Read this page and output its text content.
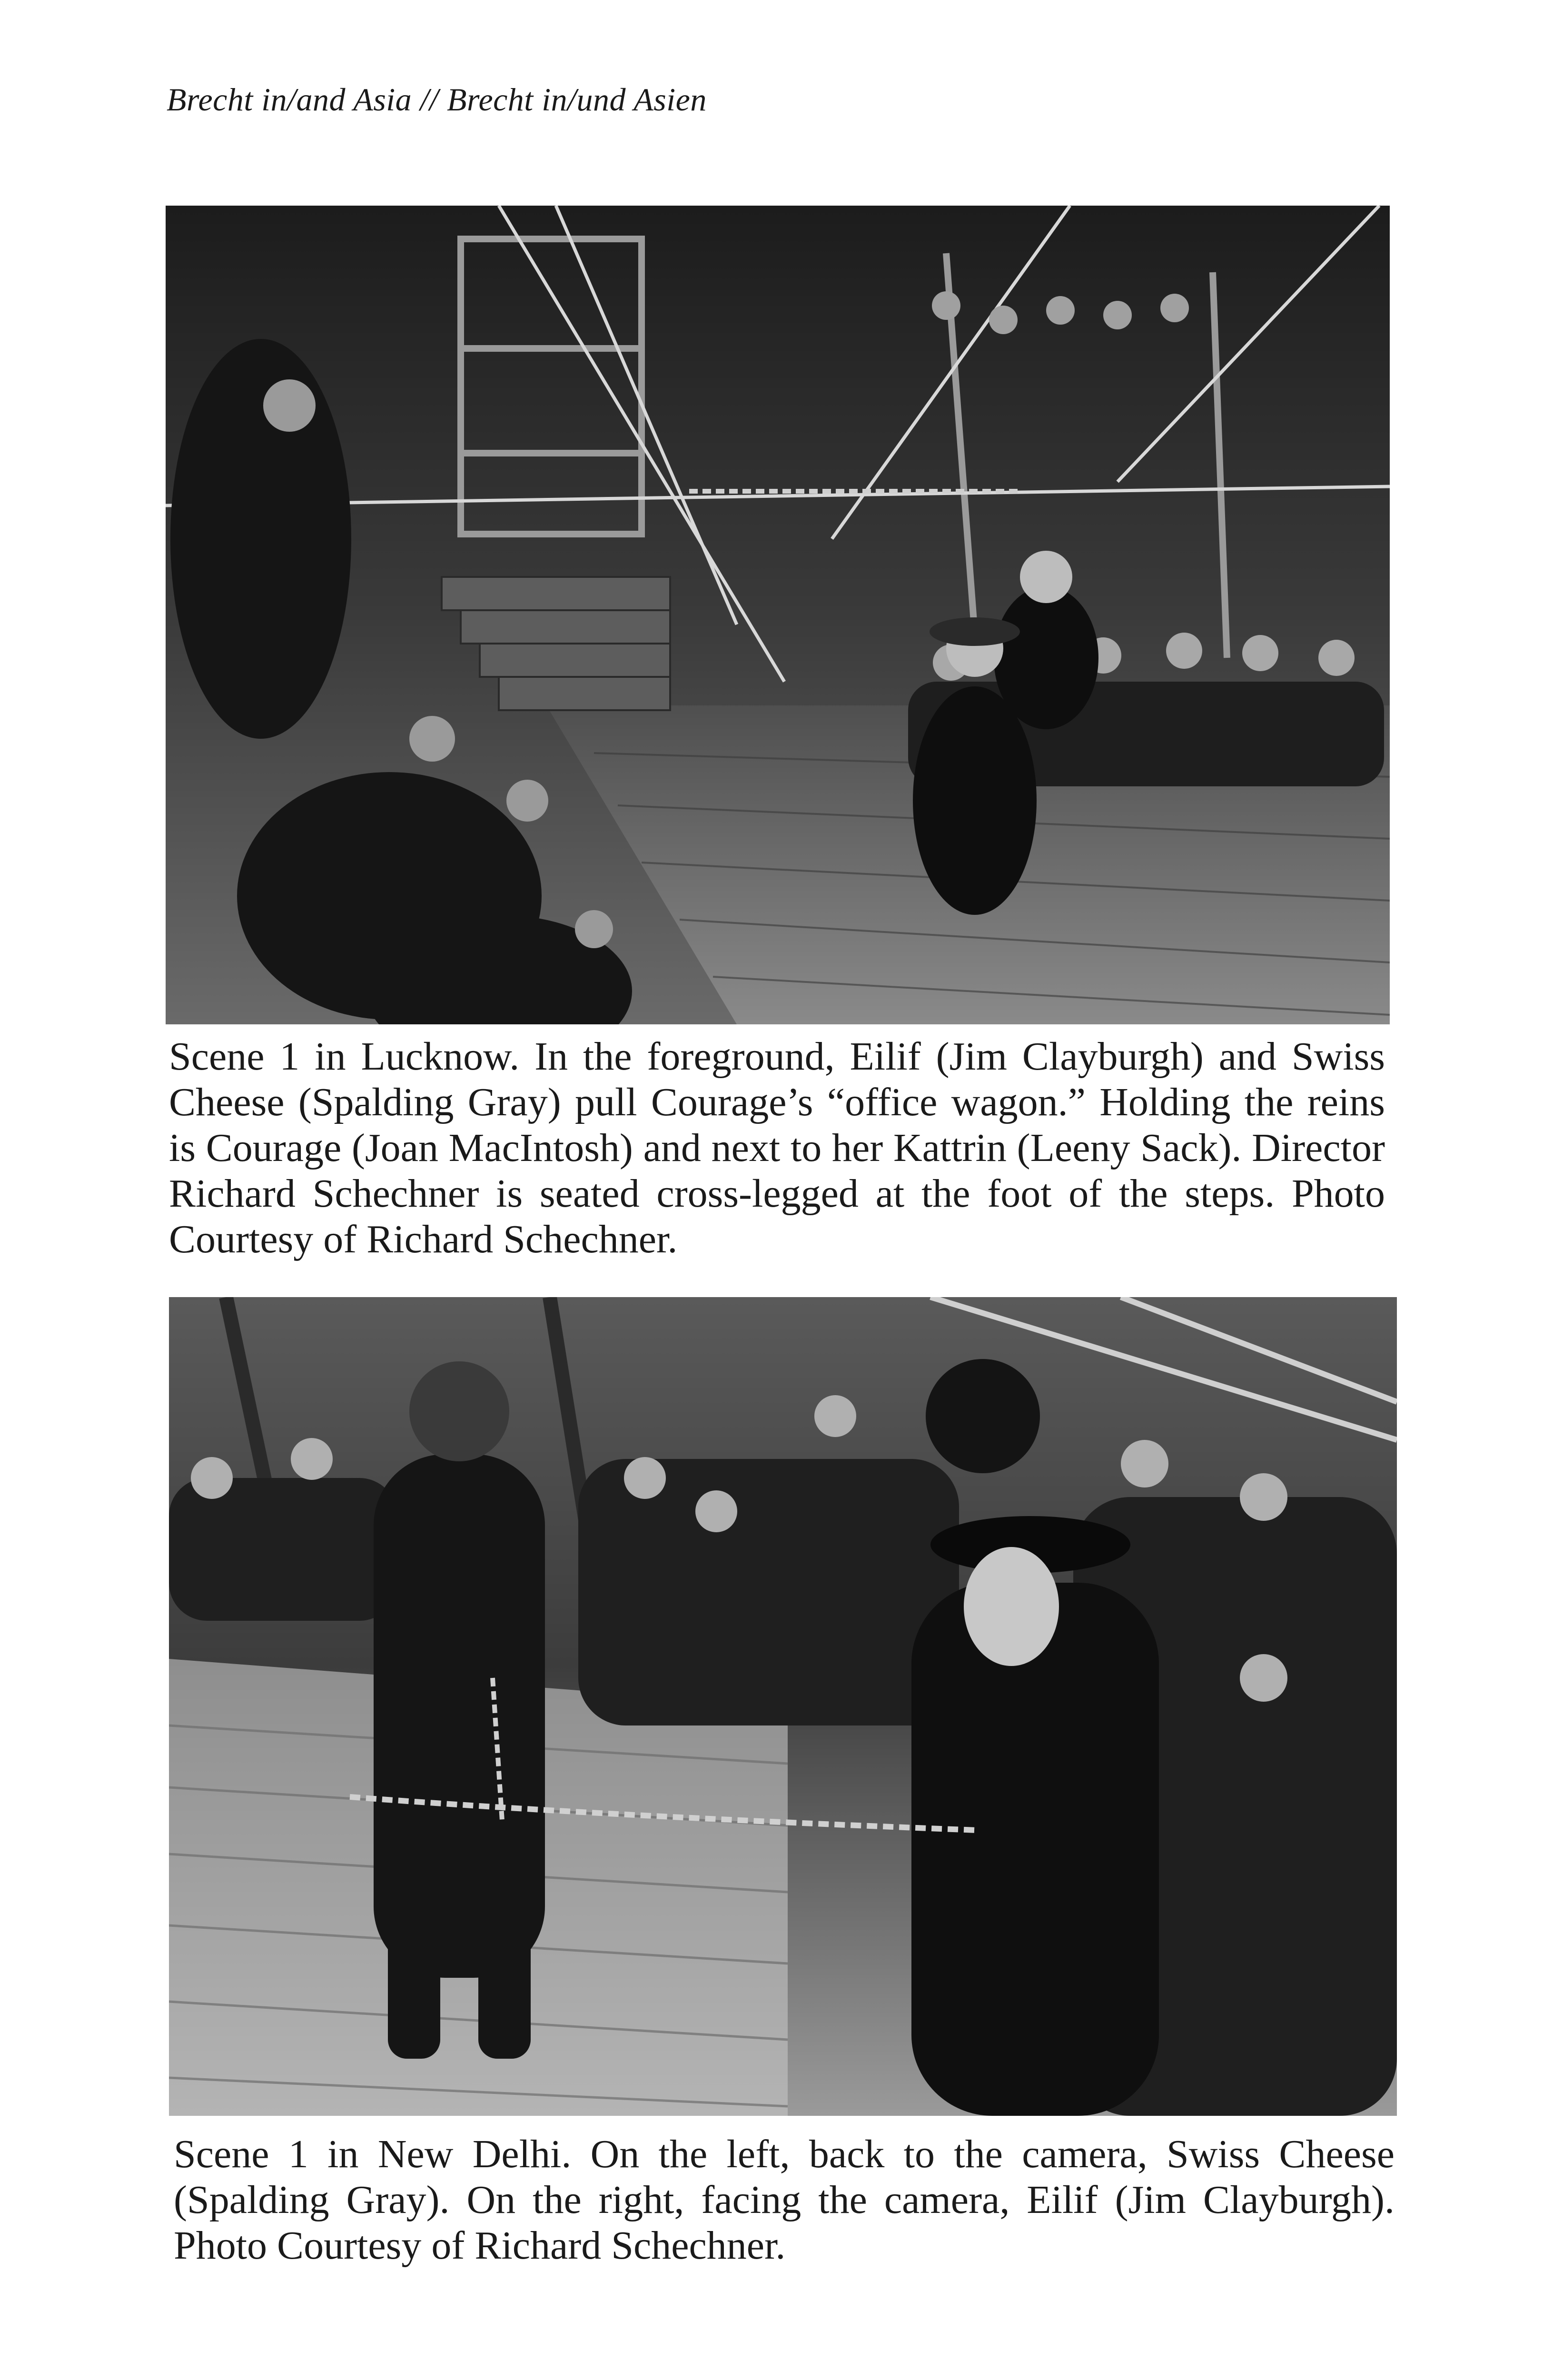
Brecht in/and Asia // Brecht in/und Asien
Scene 1 in Lucknow. In the foreground, Eilif (Jim Clayburgh) and Swiss Cheese (Spalding Gray) pull Courage’s “office wagon.” Holding the reins is Courage (Joan MacIntosh) and next to her Kattrin (Leeny Sack). Director Richard Schechner is seated cross-legged at the foot of the steps. Photo Courtesy of Richard Schechner.
Scene 1 in New Delhi. On the left, back to the camera, Swiss Cheese (Spalding Gray). On the right, facing the camera, Eilif (Jim Clayburgh). Photo Courtesy of Richard Schechner.
